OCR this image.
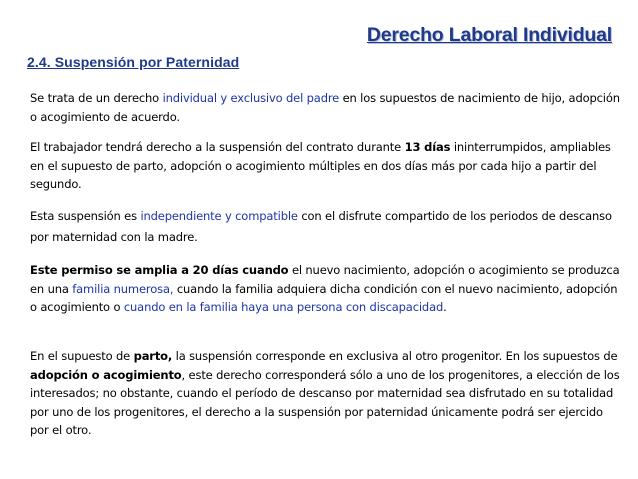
Derecho Laboral Individual
2.4. Suspensión por Paternidad
Se trata de un derecho individual y exclusivo del padre en los supuestos de nacimiento de hijo, adopción o acogimiento de acuerdo.
El trabajador tendrá derecho a la suspensión del contrato durante 13 días ininterrumpidos, ampliables en el supuesto de parto, adopción o acogimiento múltiples en dos días más por cada hijo a partir del segundo.
Esta suspensión es independiente y compatible con el disfrute compartido de los periodos de descanso por maternidad con la madre.
Este permiso se amplia a 20 días cuando el nuevo nacimiento, adopción o acogimiento se produzca en una familia numerosa, cuando la familia adquiera dicha condición con el nuevo nacimiento, adopción o acogimiento o cuando en la familia haya una persona con discapacidad.
En el supuesto de parto, la suspensión corresponde en exclusiva al otro progenitor. En los supuestos de adopción o acogimiento, este derecho corresponderá sólo a uno de los progenitores, a elección de los interesados; no obstante, cuando el período de descanso por maternidad sea disfrutado en su totalidad por uno de los progenitores, el derecho a la suspensión por paternidad únicamente podrá ser ejercido por el otro.
